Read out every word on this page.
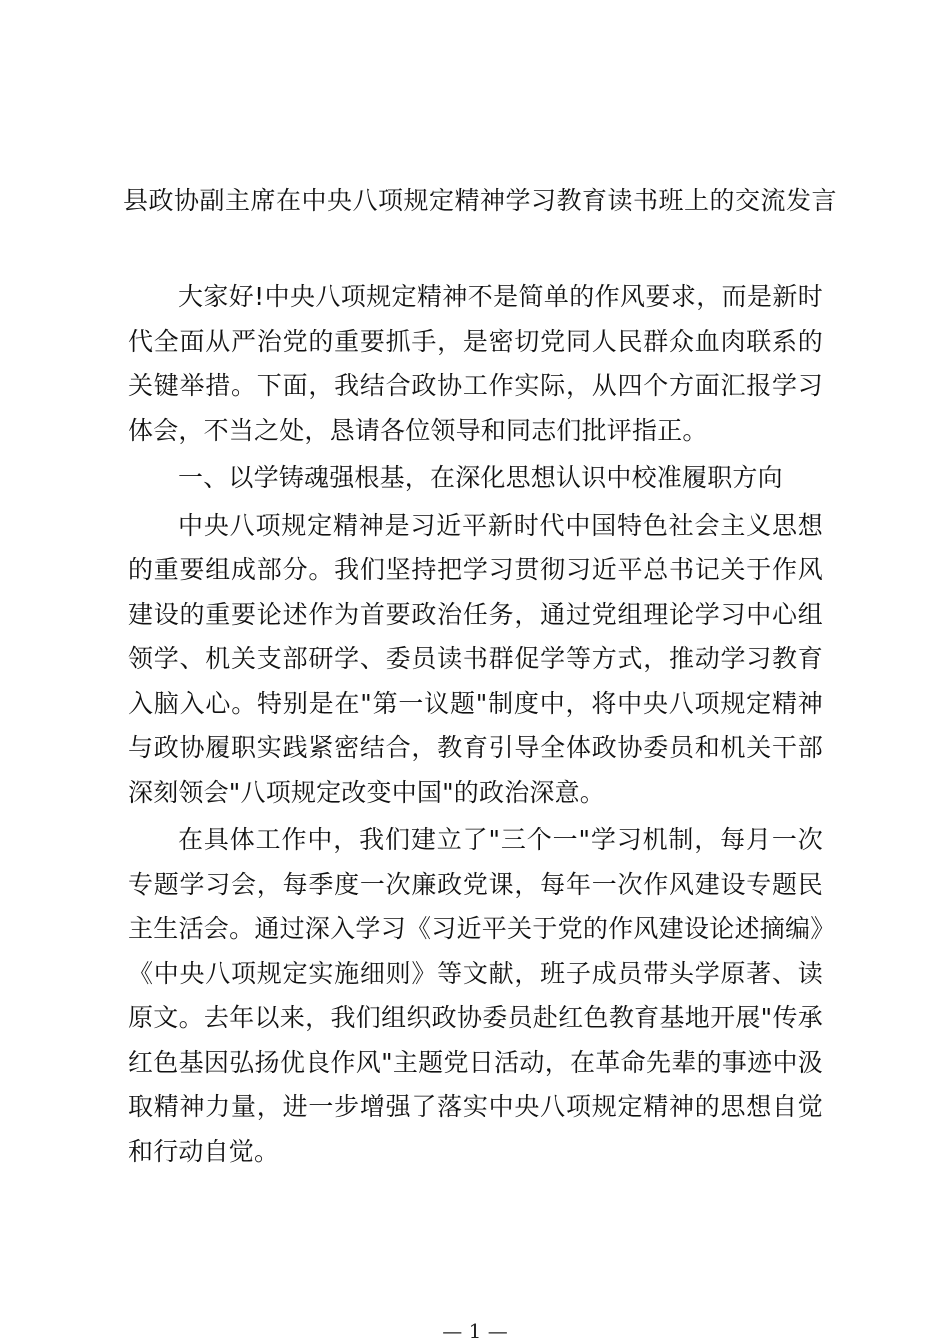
县政协副主席在中央八项规定精神学习教育读书班上的交流发言

大家好!中央八项规定精神不是简单的作风要求，而是新时代全面从严治党的重要抓手，是密切党同人民群众血肉联系的关键举措。下面，我结合政协工作实际，从四个方面汇报学习体会，不当之处，恳请各位领导和同志们批评指正。

一、以学铸魂强根基，在深化思想认识中校准履职方向

中央八项规定精神是习近平新时代中国特色社会主义思想的重要组成部分。我们坚持把学习贯彻习近平总书记关于作风建设的重要论述作为首要政治任务，通过党组理论学习中心组领学、机关支部研学、委员读书群促学等方式，推动学习教育入脑入心。特别是在"第一议题"制度中，将中央八项规定精神与政协履职实践紧密结合，教育引导全体政协委员和机关干部深刻领会"八项规定改变中国"的政治深意。

在具体工作中，我们建立了"三个一"学习机制，每月一次专题学习会，每季度一次廉政党课，每年一次作风建设专题民主生活会。通过深入学习《习近平关于党的作风建设论述摘编》《中央八项规定实施细则》等文献，班子成员带头学原著、读原文。去年以来，我们组织政协委员赴红色教育基地开展"传承红色基因弘扬优良作风"主题党日活动，在革命先辈的事迹中汲取精神力量，进一步增强了落实中央八项规定精神的思想自觉和行动自觉。

— 1 —
